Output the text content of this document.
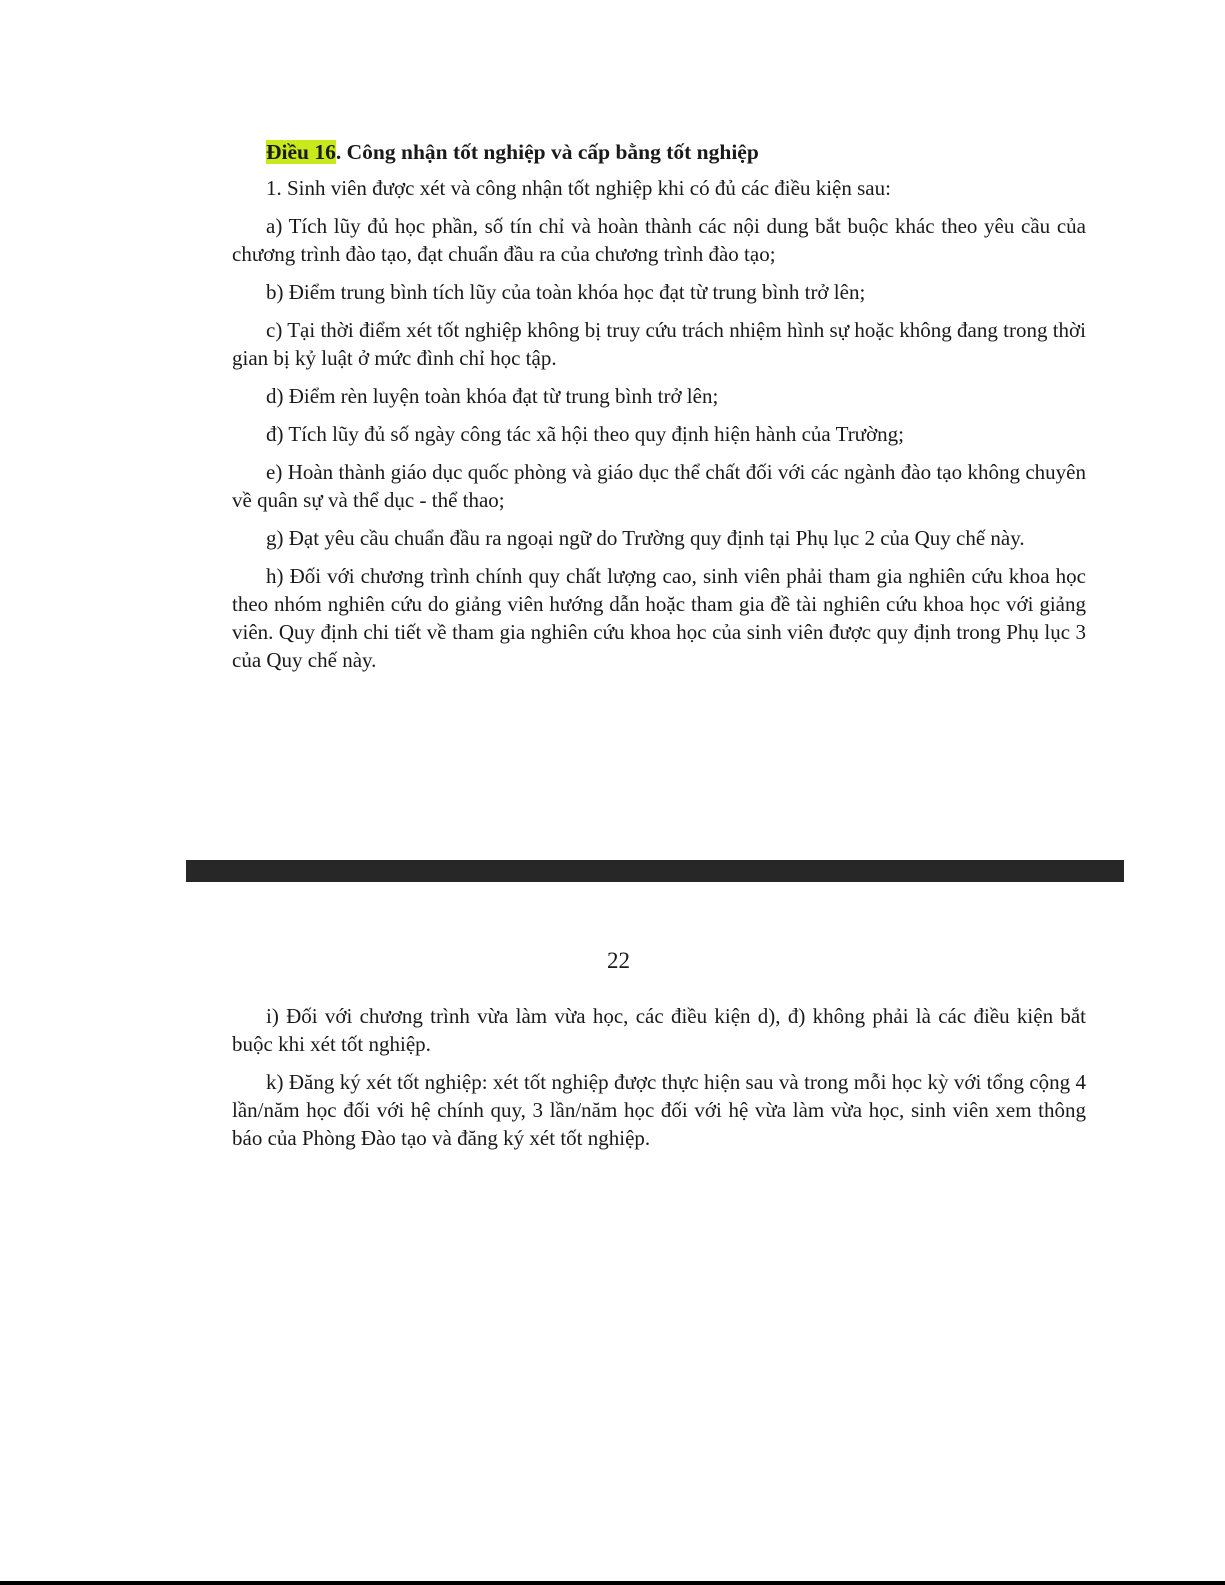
Điều 16. Công nhận tốt nghiệp và cấp bằng tốt nghiệp

1. Sinh viên được xét và công nhận tốt nghiệp khi có đủ các điều kiện sau:

a) Tích lũy đủ học phần, số tín chỉ và hoàn thành các nội dung bắt buộc khác theo yêu cầu của chương trình đào tạo, đạt chuẩn đầu ra của chương trình đào tạo;

b) Điểm trung bình tích lũy của toàn khóa học đạt từ trung bình trở lên;

c) Tại thời điểm xét tốt nghiệp không bị truy cứu trách nhiệm hình sự hoặc không đang trong thời gian bị kỷ luật ở mức đình chỉ học tập.

d) Điểm rèn luyện toàn khóa đạt từ trung bình trở lên;

đ) Tích lũy đủ số ngày công tác xã hội theo quy định hiện hành của Trường;

e) Hoàn thành giáo dục quốc phòng và giáo dục thể chất đối với các ngành đào tạo không chuyên về quân sự và thể dục - thể thao;

g) Đạt yêu cầu chuẩn đầu ra ngoại ngữ do Trường quy định tại Phụ lục 2 của Quy chế này.

h) Đối với chương trình chính quy chất lượng cao, sinh viên phải tham gia nghiên cứu khoa học theo nhóm nghiên cứu do giảng viên hướng dẫn hoặc tham gia đề tài nghiên cứu khoa học với giảng viên. Quy định chi tiết về tham gia nghiên cứu khoa học của sinh viên được quy định trong Phụ lục 3 của Quy chế này.

22

i) Đối với chương trình vừa làm vừa học, các điều kiện d), đ) không phải là các điều kiện bắt buộc khi xét tốt nghiệp.

k) Đăng ký xét tốt nghiệp: xét tốt nghiệp được thực hiện sau và trong mỗi học kỳ với tổng cộng 4 lần/năm học đối với hệ chính quy, 3 lần/năm học đối với hệ vừa làm vừa học, sinh viên xem thông báo của Phòng Đào tạo và đăng ký xét tốt nghiệp.
